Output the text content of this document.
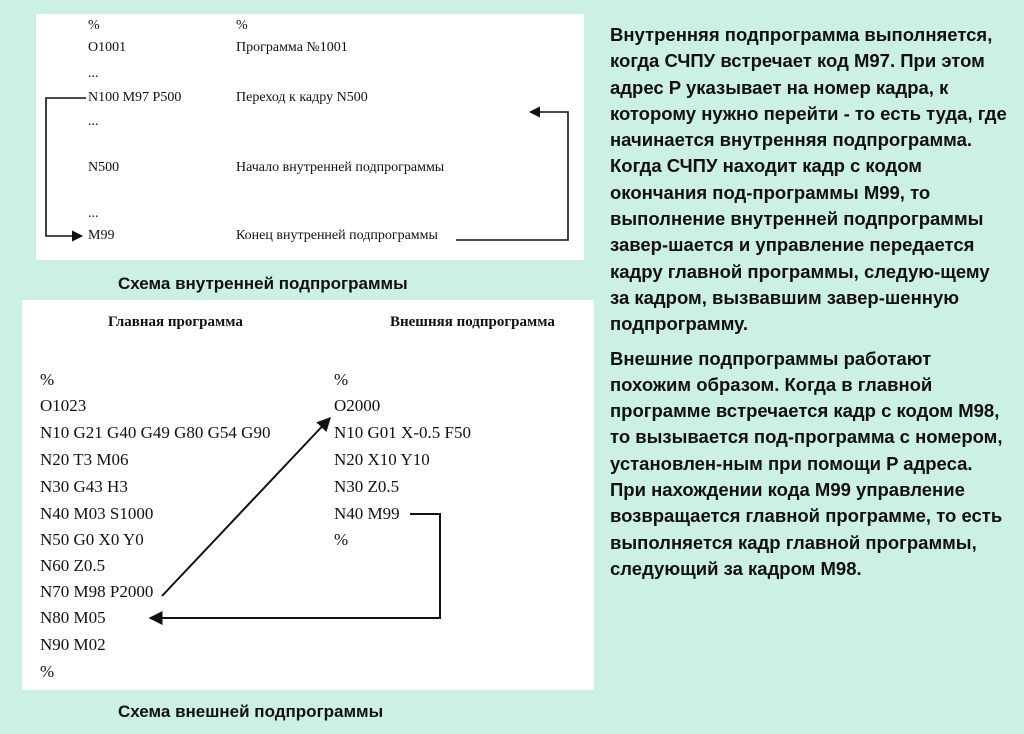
%
O1001
...
N100 M97 P500
...
N500
...
M99
%
Программа №1001
Переход к кадру N500
Начало внутренней подпрограммы
Конец внутренней подпрограммы
Схема внутренней подпрограммы
Главная программа	Внешняя подпрограмма
%
O1023
N10 G21 G40 G49 G80 G54 G90
N20 T3 M06
N30 G43 H3
N40 M03 S1000
N50 G0 X0 Y0
N60 Z0.5
N70 M98 P2000
N80 M05
N90 M02
%
%
O2000
N10 G01 X-0.5 F50
N20 X10 Y10
N30 Z0.5
N40 M99
%
Схема внешней подпрограммы

Внутренняя подпрограмма выполняется, когда СЧПУ встречает код М97. При этом адрес P указывает на номер кадра, к которому нужно перейти - то есть туда, где начинается внутренняя подпрограмма. Когда СЧПУ находит кадр с кодом окончания под-программы М99, то выполнение внутренней подпрограммы завер-шается и управление передается кадру главной программы, следую-щему за кадром, вызвавшим завер-шенную подпрограмму.

Внешние подпрограммы работают похожим образом. Когда в главной программе встречается кадр с кодом М98, то вызывается под-программа с номером, установлен-ным при помощи P адреса. При нахождении кода М99 управление возвращается главной программе, то есть выполняется кадр главной программы, следующий за кадром М98.
